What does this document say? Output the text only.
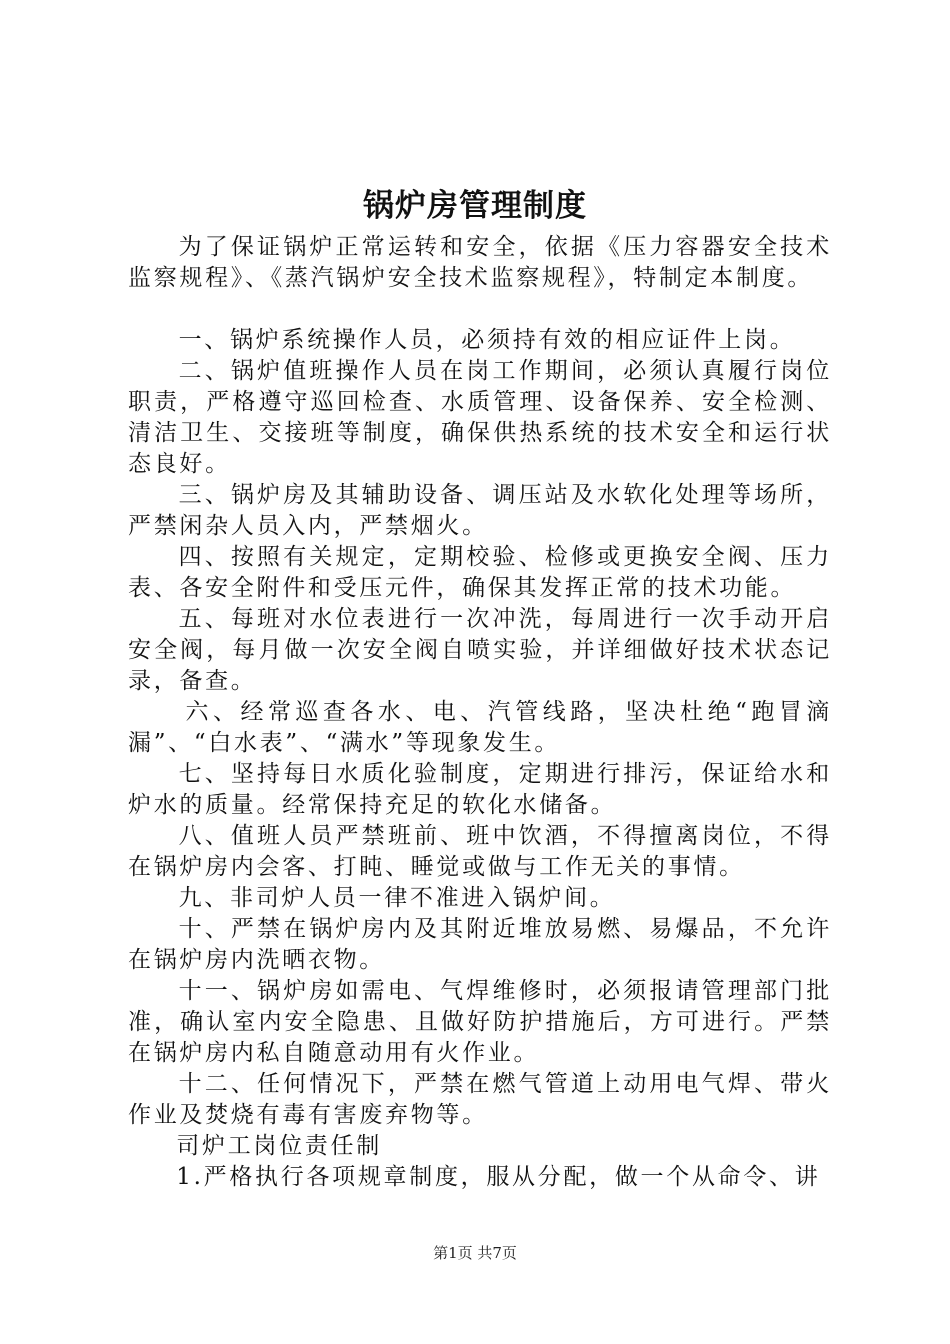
锅炉房管理制度

为了保证锅炉正常运转和安全，依据《压力容器安全技术监察规程》、《蒸汽锅炉安全技术监察规程》，特制定本制度。

一、锅炉系统操作人员，必须持有效的相应证件上岗。

二、锅炉值班操作人员在岗工作期间，必须认真履行岗位职责，严格遵守巡回检查、水质管理、设备保养、安全检测、清洁卫生、交接班等制度，确保供热系统的技术安全和运行状态良好。

三、锅炉房及其辅助设备、调压站及水软化处理等场所，严禁闲杂人员入内，严禁烟火。

四、按照有关规定，定期校验、检修或更换安全阀、压力表、各安全附件和受压元件，确保其发挥正常的技术功能。

五、每班对水位表进行一次冲洗，每周进行一次手动开启安全阀，每月做一次安全阀自喷实验，并详细做好技术状态记录，备查。

六、经常巡查各水、电、汽管线路，坚决杜绝“跑冒滴漏”、“白水表”、“满水”等现象发生。

七、坚持每日水质化验制度，定期进行排污，保证给水和炉水的质量。经常保持充足的软化水储备。

八、值班人员严禁班前、班中饮酒，不得擅离岗位，不得在锅炉房内会客、打盹、睡觉或做与工作无关的事情。

九、非司炉人员一律不准进入锅炉间。

十、严禁在锅炉房内及其附近堆放易燃、易爆品，不允许在锅炉房内洗晒衣物。

十一、锅炉房如需电、气焊维修时，必须报请管理部门批准，确认室内安全隐患、且做好防护措施后，方可进行。严禁在锅炉房内私自随意动用有火作业。

十二、任何情况下，严禁在燃气管道上动用电气焊、带火作业及焚烧有毒有害废弃物等。

司炉工岗位责任制

1.严格执行各项规章制度，服从分配，做一个从命令、讲

第1页 共7页
